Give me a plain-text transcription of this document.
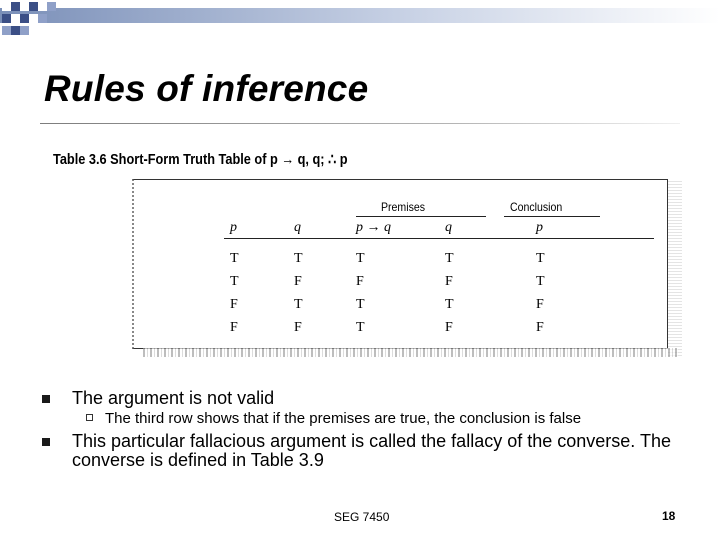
Rules of inference
Table 3.6 Short-Form Truth Table of p → q, q; ∴ p
Premises	Conclusion
p	q	p → q	q	p
T	T	T	T	T
T	F	F	F	T
F	T	T	T	F
F	F	T	F	F
The argument is not valid
The third row shows that if the premises are true, the conclusion is false
This particular fallacious argument is called the fallacy of the converse. The converse is defined in Table 3.9
SEG 7450	18
